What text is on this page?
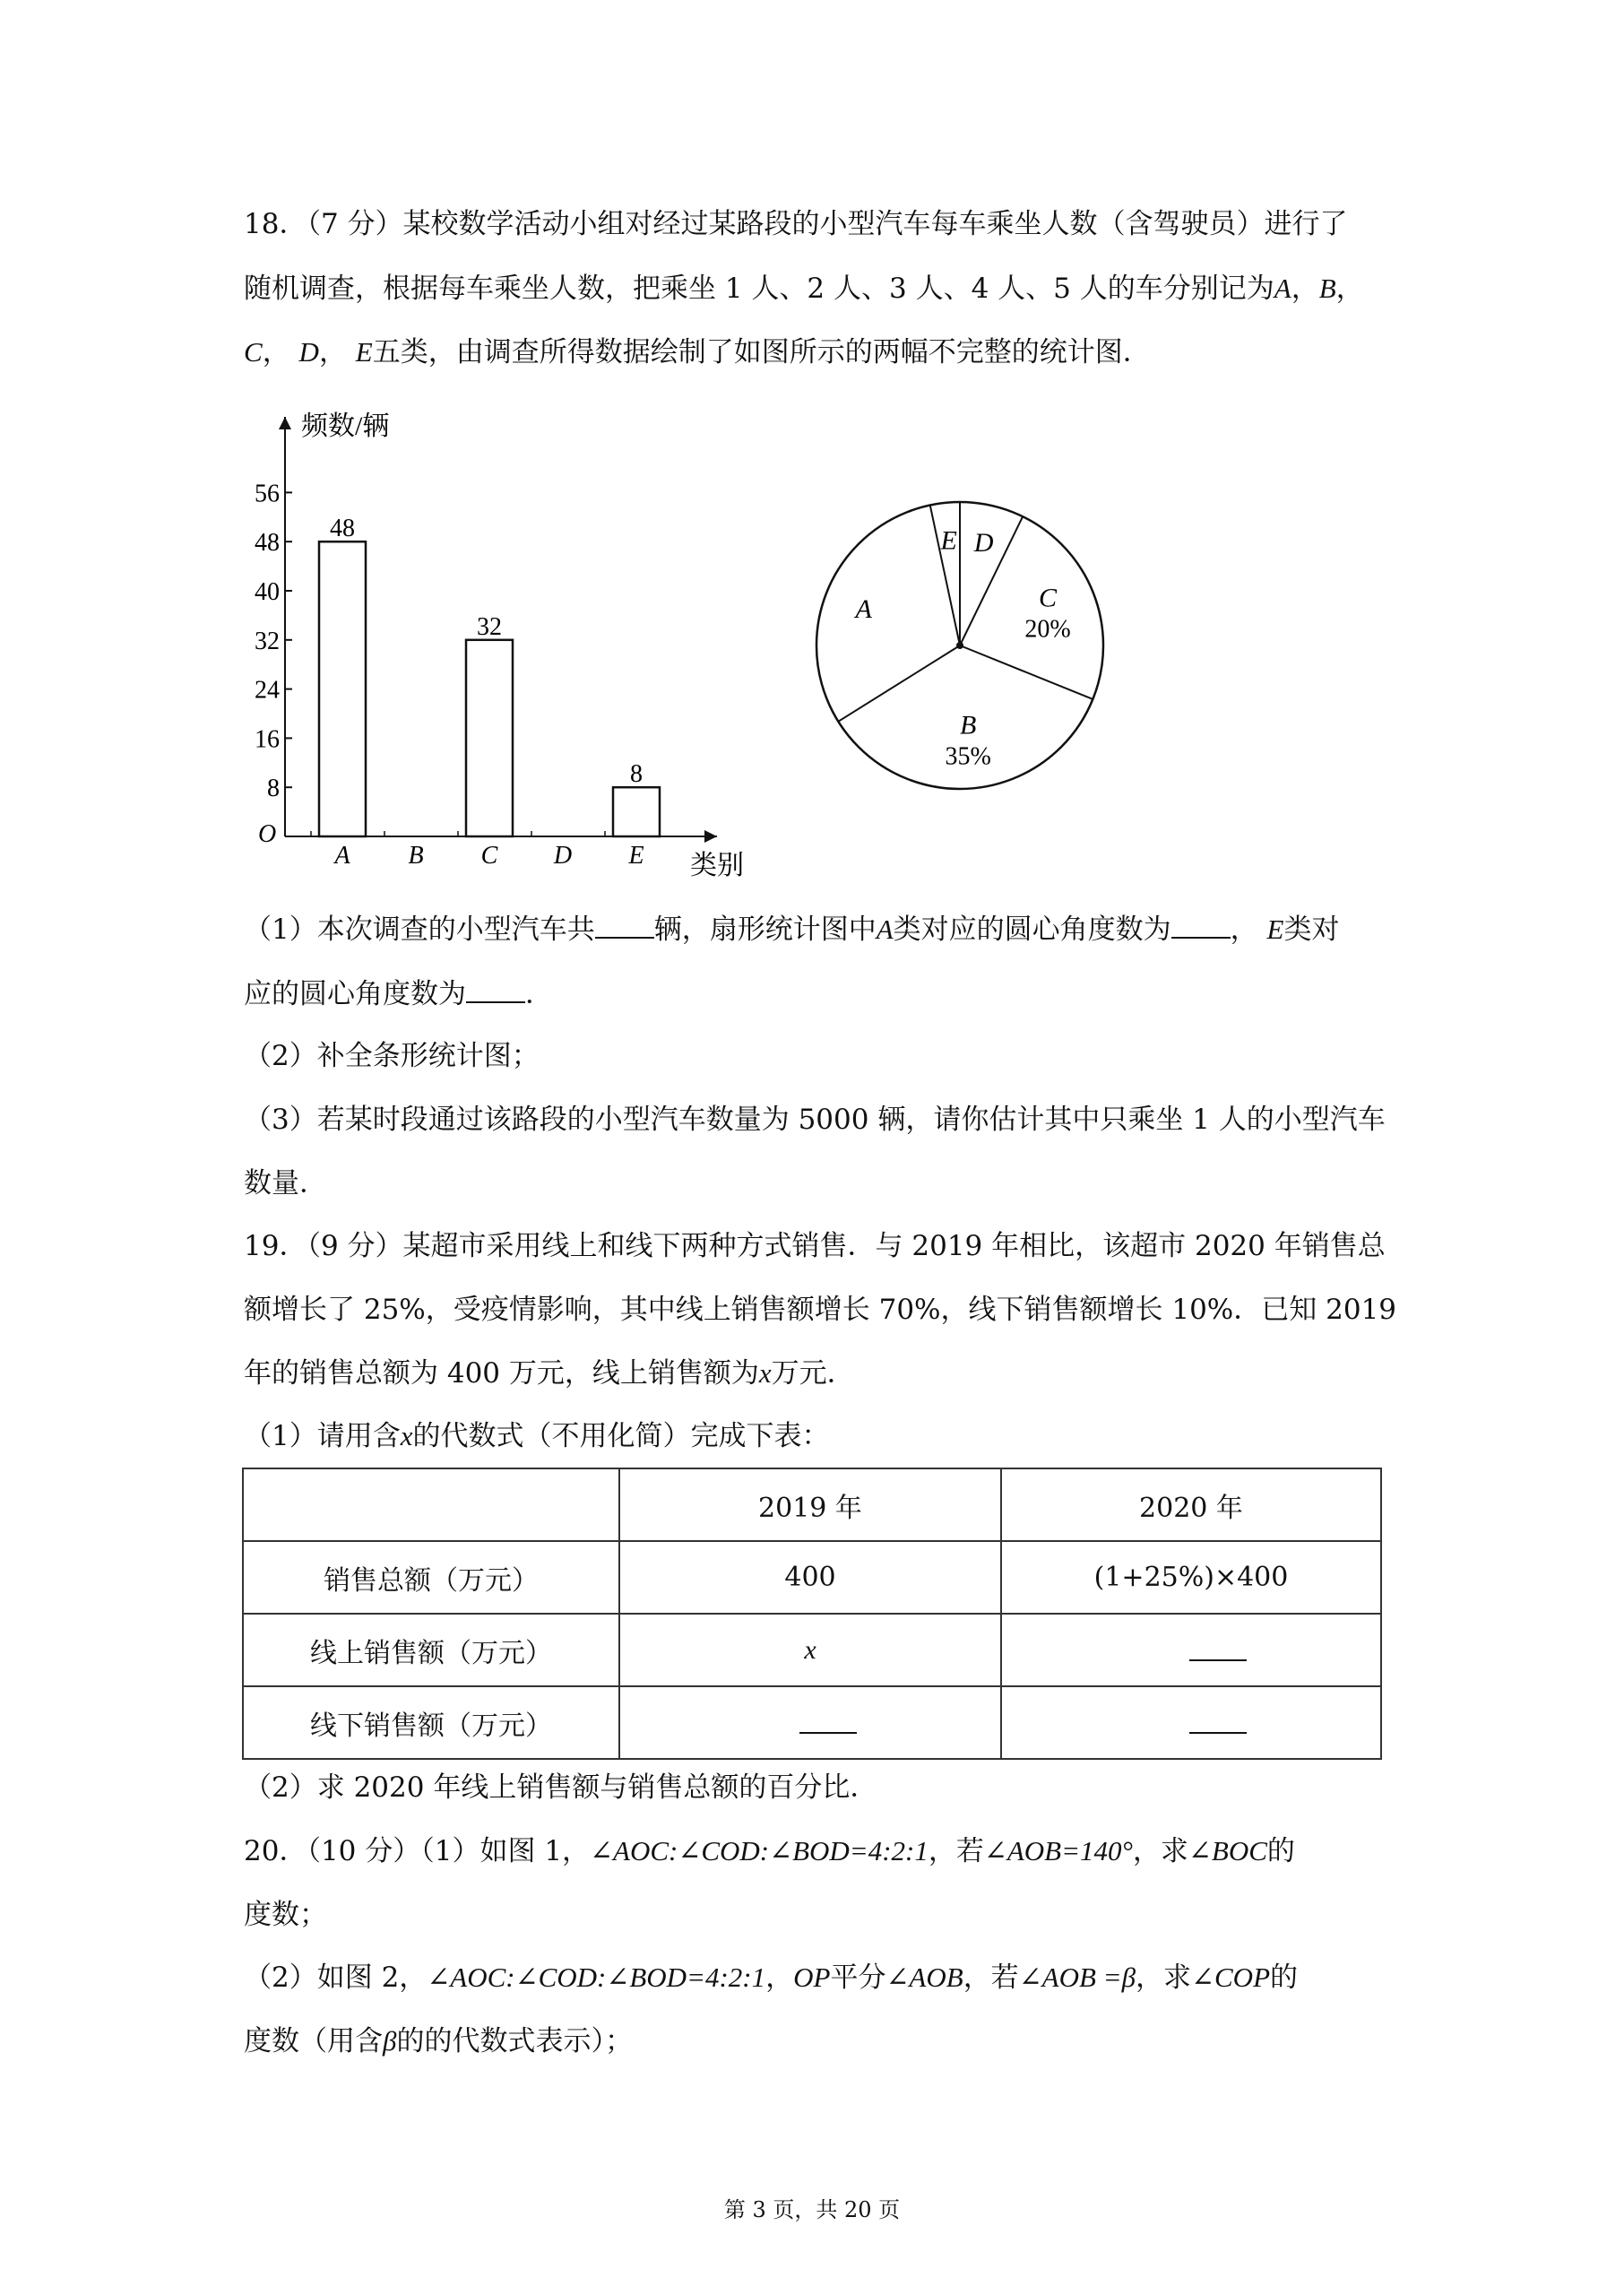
18．（7 分）某校数学活动小组对经过某路段的小型汽车每车乘坐人数（含驾驶员）进行了
随机调查，根据每车乘坐人数，把乘坐 1 人、2 人、3 人、4 人、5 人的车分别记为A，B，
C， D， E五类，由调查所得数据绘制了如图所示的两幅不完整的统计图．
频数/辆
类别
O
8
16
24
32
40
48
56
48
A B
32
C D
8
E
E D
C
20%
B
35%
A
（1）本次调查的小型汽车共 辆，扇形统计图中A类对应的圆心角度数为 ， E类对
应的圆心角度数为 ．
（2）补全条形统计图；
（3）若某时段通过该路段的小型汽车数量为 5000 辆，请你估计其中只乘坐 1 人的小型汽车
数量．
19．（9 分）某超市采用线上和线下两种方式销售．与 2019 年相比，该超市 2020 年销售总
额增长了 25%，受疫情影响，其中线上销售额增长 70%，线下销售额增长 10%．已知 2019
年的销售总额为 400 万元，线上销售额为x万元．
（1）请用含x的代数式（不用化简）完成下表：
	2019 年	2020 年
销售总额（万元）	400	(1+25%)×400
线上销售额（万元）	x	
线下销售额（万元）		
（2）求 2020 年线上销售额与销售总额的百分比．
20．（10 分）（1）如图 1，∠AOC:∠COD:∠BOD=4:2:1，若∠AOB=140°，求∠BOC的
度数；
（2）如图 2，∠AOC:∠COD:∠BOD=4:2:1，OP平分∠AOB，若∠AOB =β，求∠COP的
度数（用含β的的代数式表示）；
第 3 页，共 20 页
